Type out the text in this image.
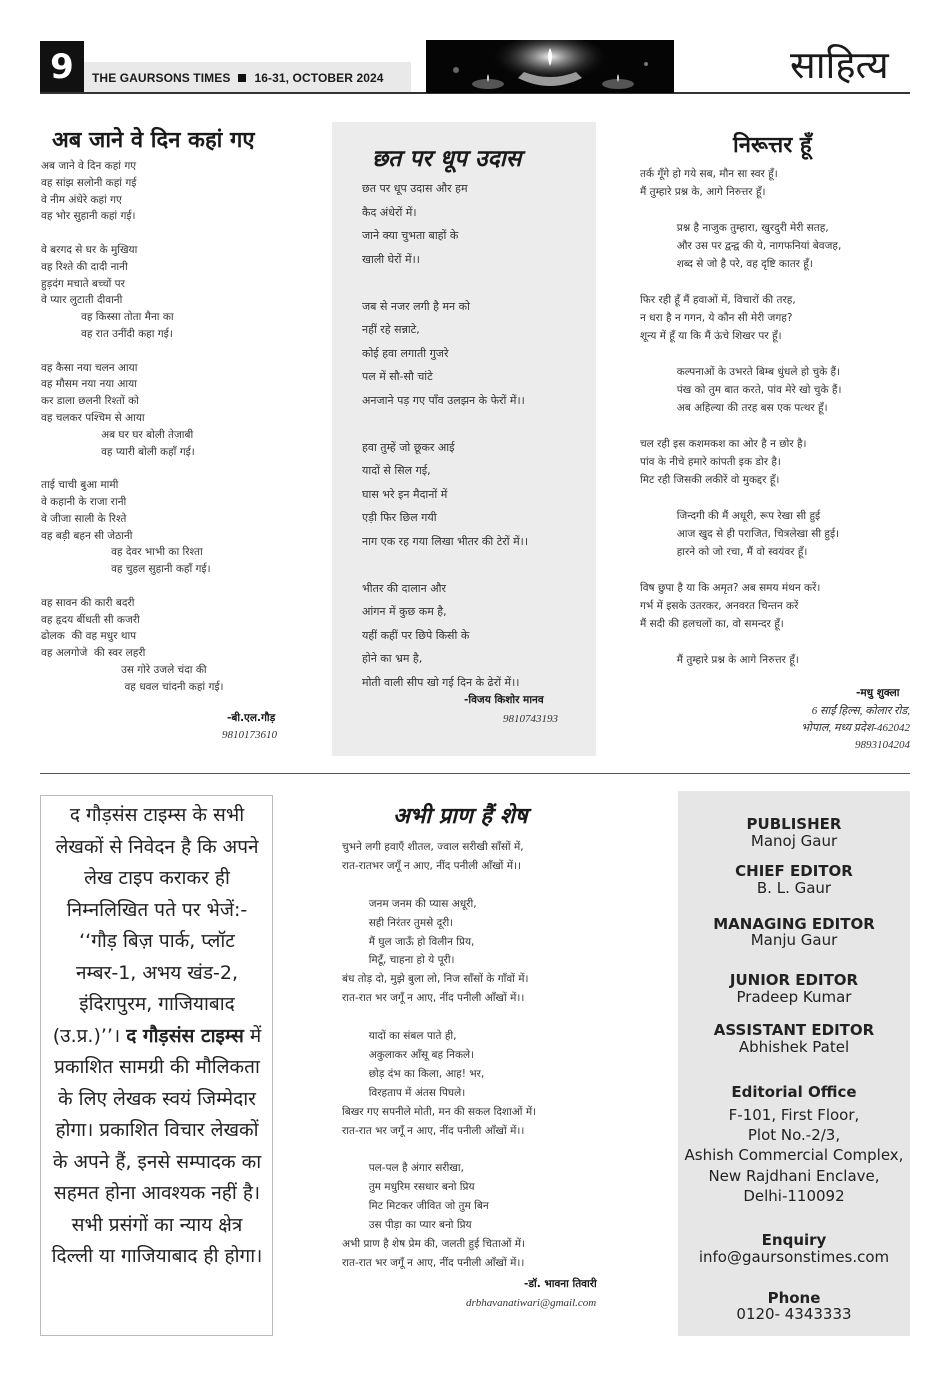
9	THE GAURSONS TIMES 16-31, OCTOBER 2024	साहित्य
अब जाने वे दिन कहां गए
अब जाने वे दिन कहां गए
वह सांझ सलोनी कहां गई
वे नीम अंधेरे कहां गए
वह भोर सुहानी कहां गई।

वे बरगद से घर के मुखिया
वह रिश्ते की दादी नानी
हुड़दंग मचाते बच्चों पर
वे प्यार लुटाती दीवानी
वह किस्सा तोता मैना का
वह रात उनींदी कहा गई।

वह कैसा नया चलन आया
वह मौसम नया नया आया
कर डाला छलनी रिश्तों को
वह चलकर पश्चिम से आया
अब घर घर बोली तेजाबी
वह प्यारी बोली कहाँ गई।

ताई चाची बुआ मामी
वे कहानी के राजा रानी
वे जीजा साली के रिश्ते
वह बड़ी बहन सी जेठानी
वह देवर भाभी का रिश्ता
वह चुहल सुहानी कहाँ गई।

वह सावन की कारी बदरी
वह हृदय बींधती सी कजरी
ढोलक  की वह मधुर थाप
वह अलगोजे  की स्वर लहरी
उस गोरे उजले चंदा की
वह धवल चांदनी कहां गई।
-बी.एल.गौड़
9810173610
छत पर धूप उदास
छत पर धूप उदास और हम
कैद अंधेरों में।
जाने क्या चुभता बाहों के
खाली घेरों में।।

जब से नजर लगी है मन को
नहीं रहे सन्नाटे,
कोई हवा लगाती गुजरे
पल में सौ-सौ चांटे
अनजाने पड़ गए पाँव उलझन के फेरों में।।

हवा तुम्हें जो छूकर आई
यादों से सिल गई,
घास भरे इन मैदानों में
एड़ी फिर छिल गयी
नाग एक रह गया लिखा भीतर की टेरों में।।

भीतर की दालान और
आंगन में कुछ कम है,
यहीं कहीं पर छिपे किसी के
होने का भ्रम है,
मोती वाली सीप खो गई दिन के ढेरों में।।
-विजय किशोर मानव
9810743193
निरूत्तर हूँ
तर्क गूँगे हो गये सब, मौन सा स्वर हूँ।
मैं तुम्हारे प्रश्न के, आगे निरुत्तर हूँ।

प्रश्न है नाजुक तुम्हारा, खुरदुरी मेरी सतह,
और उस पर द्वन्द्व की ये, नागफनियां बेवजह,
शब्द से जो है परे, वह दृष्टि कातर हूँ।

फिर रही हूँ मैं हवाओं में, विचारों की तरह,
न धरा है न गगन, ये कौन सी मेरी जगह?
शून्य में हूँ या कि मैं ऊंचे शिखर पर हूँ।

कल्पनाओं के उभरते बिम्ब धुंधले हो चुके हैं।
पंख को तुम बात करते, पांव मेरे खो चुके हैं।
अब अहिल्या की तरह बस एक पत्थर हूँ।

चल रही इस कशमकश का ओर है न छोर है।
पांव के नीचे हमारे कांपती इक डोर है।
मिट रही जिसकी लकीरें वो मुकद्दर हूँ।

जिन्दगी की मैं अधूरी, रूप रेखा सी हुई
आज खुद से ही पराजित, चित्रलेखा सी हुई।
हारने को जो रचा, मैं वो स्वयंवर हूँ।

विष छुपा है या कि अमृत? अब समय मंथन करें।
गर्भ में इसके उतरकर, अनवरत चिन्तन करें
मैं सदी की हलचलों का, वो समन्दर हूँ।

मैं तुम्हारे प्रश्न के आगे निरुत्तर हूँ।
-मधु शुक्ला
6 साईं हिल्स, कोलार रोड,
भोपाल, मध्य प्रदेश-462042
9893104204
द गौड़संस टाइम्स के सभी लेखकों से निवेदन है कि अपने लेख टाइप कराकर ही निम्नलिखित पते पर भेजें:- ‘‘गौड़ बिज़ पार्क, प्लॉट नम्बर-1, अभय खंड-2, इंदिरापुरम, गाजियाबाद (उ.प्र.)’’। द गौड़संस टाइम्स में प्रकाशित सामग्री की मौलिकता के लिए लेखक स्वयं जिम्मेदार होगा। प्रकाशित विचार लेखकों के अपने हैं, इनसे सम्पादक का सहमत होना आवश्यक नहीं है। सभी प्रसंगों का न्याय क्षेत्र दिल्ली या गाजियाबाद ही होगा।
अभी प्राण हैं शेष
चुभने लगी हवाएँ शीतल, ज्वाल सरीखी साँसों में,
रात-रातभर जगूँ न आए, नींद पनीली आँखों में।।

जनम जनम की प्यास अधूरी,
सही निरंतर तुमसे दूरी।
मैं घुल जाऊँ हो विलीन प्रिय,
मिटूँ, चाहना हो ये पूरी।
बंध तोड़ दो, मुझे बुला लो, निज साँसों के गाँवों में।
रात-रात भर जगूँ न आए, नींद पनीली आँखों में।।

यादों का संबल पाते ही,
अकुलाकर आँसू बह निकले।
छोड़ दंभ का किला, आह! भर,
विरहताप में अंतस पिघले।
बिखर गए सपनीले मोती, मन की सकल दिशाओं में।
रात-रात भर जगूँ न आए, नींद पनीली आँखों में।।

पल-पल है अंगार सरीखा,
तुम मधुरिम रसधार बनो प्रिय
मिट मिटकर जीवित जो तुम बिन
उस पीड़ा का प्यार बनो प्रिय
अभी प्राण है शेष प्रेम की, जलती हुई चिताओं में।
रात-रात भर जगूँ न आए, नींद पनीली आँखों में।।
-डॉ. भावना तिवारी
drbhavanatiwari@gmail.com
PUBLISHER
Manoj Gaur
CHIEF EDITOR
B. L. Gaur
MANAGING EDITOR
Manju Gaur
JUNIOR EDITOR
Pradeep Kumar
ASSISTANT EDITOR
Abhishek Patel
Editorial Office
F-101, First Floor,
Plot No.-2/3,
Ashish Commercial Complex,
New Rajdhani Enclave,
Delhi-110092
Enquiry
info@gaursonstimes.com
Phone
0120- 4343333
